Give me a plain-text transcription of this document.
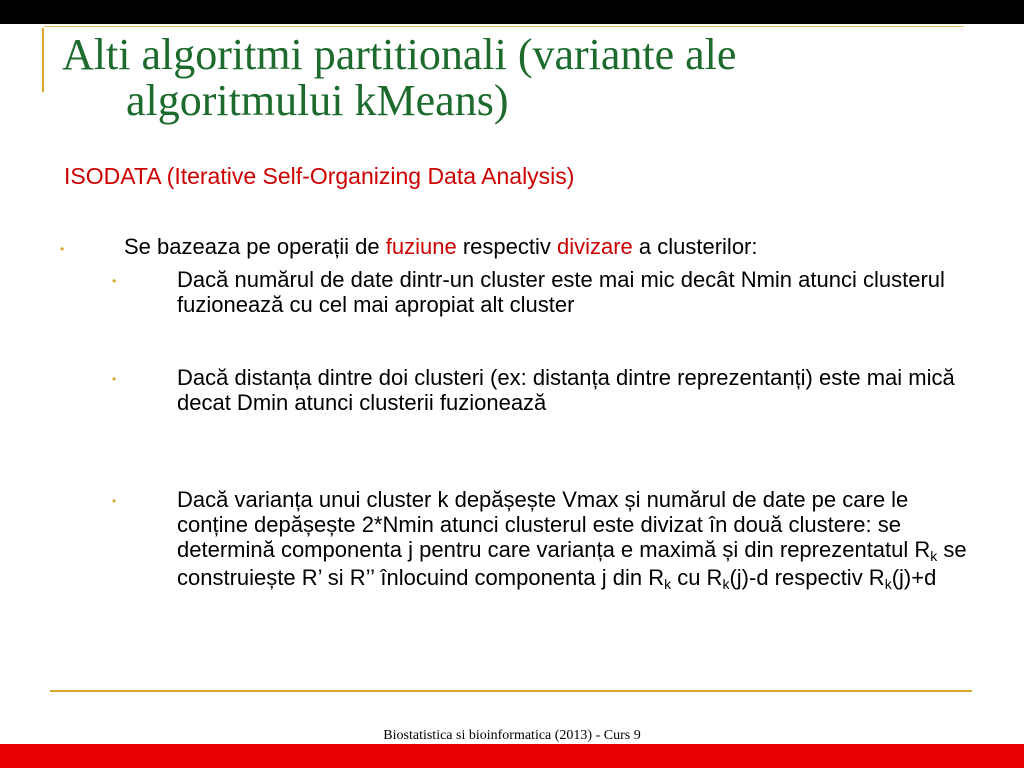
Alti algoritmi partitionali (variante ale
algoritmului kMeans)
ISODATA (Iterative Self-Organizing Data Analysis)
•	Se bazeaza pe operații de fuziune respectiv divizare a clusterilor:
•	Dacă numărul de date dintr-un cluster este mai mic decât Nmin atunci clusterul fuzionează cu cel mai apropiat alt cluster
•	Dacă distanța dintre doi clusteri (ex: distanța dintre reprezentanți) este mai mică decat Dmin atunci clusterii fuzionează
•	Dacă varianța unui cluster k depășește Vmax și numărul de date pe care le conține depășește 2*Nmin atunci clusterul este divizat în două clustere: se determină componenta j pentru care varianța e maximă și din reprezentatul Rk se construiește R’ si R’’ înlocuind componenta j din Rk cu Rk(j)-d respectiv Rk(j)+d
Biostatistica si bioinformatica (2013) - Curs 9
